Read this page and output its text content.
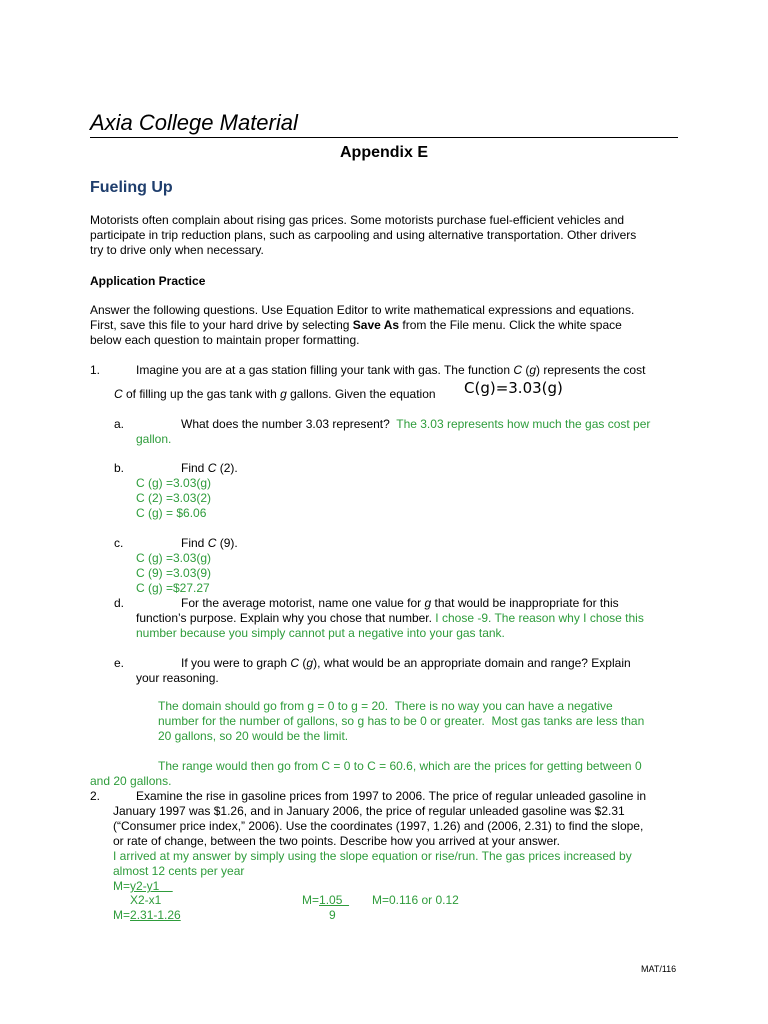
Axia College Material
Appendix E
Fueling Up
Motorists often complain about rising gas prices. Some motorists purchase fuel-efficient vehicles and
participate in trip reduction plans, such as carpooling and using alternative transportation. Other drivers
try to drive only when necessary.
Application Practice
Answer the following questions. Use Equation Editor to write mathematical expressions and equations.
First, save this file to your hard drive by selecting Save As from the File menu. Click the white space
below each question to maintain proper formatting.
1.	Imagine you are at a gas station filling your tank with gas. The function C (g) represents the cost
C of filling up the gas tank with g gallons. Given the equation C(g)=3.03(g)
a.	What does the number 3.03 represent? The 3.03 represents how much the gas cost per
gallon.
b.	Find C (2).
C (g) =3.03(g)
C (2) =3.03(2)
C (g) = $6.06
c.	Find C (9).
C (g) =3.03(g)
C (9) =3.03(9)
C (g) =$27.27
d.	For the average motorist, name one value for g that would be inappropriate for this
function’s purpose. Explain why you chose that number. I chose -9. The reason why I chose this
number because you simply cannot put a negative into your gas tank.
e.	If you were to graph C (g), what would be an appropriate domain and range? Explain
your reasoning.
The domain should go from g = 0 to g = 20.  There is no way you can have a negative
number for the number of gallons, so g has to be 0 or greater.  Most gas tanks are less than
20 gallons, so 20 would be the limit.
The range would then go from C = 0 to C = 60.6, which are the prices for getting between 0
and 20 gallons.
2.	Examine the rise in gasoline prices from 1997 to 2006. The price of regular unleaded gasoline in
January 1997 was $1.26, and in January 2006, the price of regular unleaded gasoline was $2.31
(“Consumer price index,” 2006). Use the coordinates (1997, 1.26) and (2006, 2.31) to find the slope,
or rate of change, between the two points. Describe how you arrived at your answer.
I arrived at my answer by simply using the slope equation or rise/run. The gas prices increased by
almost 12 cents per year
M=y2-y1
X2-x1	M=1.05 M=0.116 or 0.12
M=2.31-1.26	9
MAT/116
